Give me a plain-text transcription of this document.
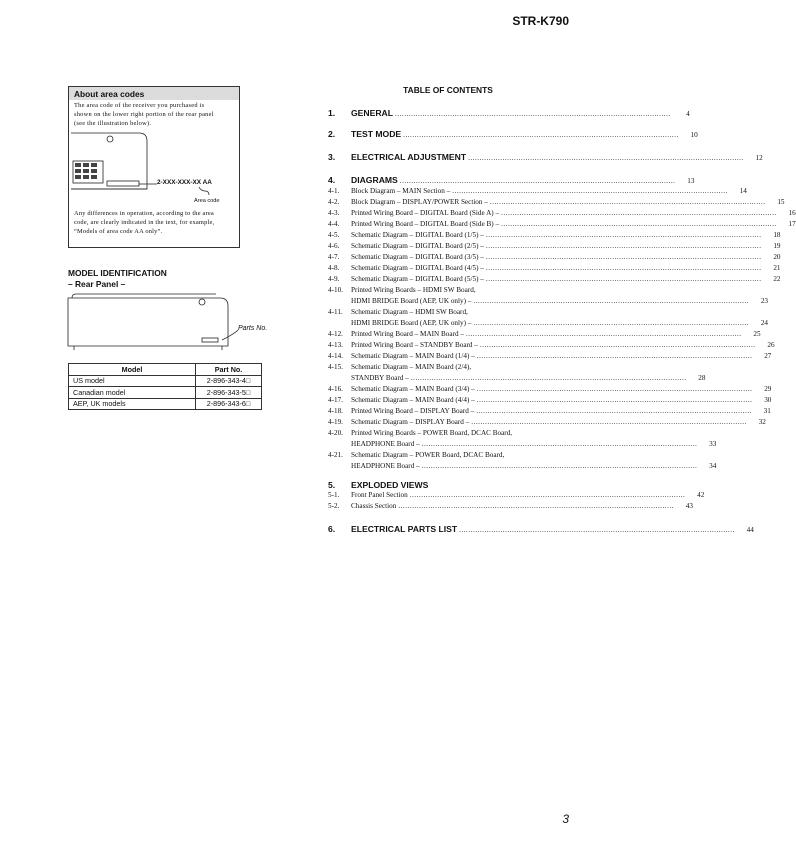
STR-K790
About area codes
The area code of the receiver you purchased is
shown on the lower right portion of the rear panel
(see the illustration below).
2-XXX-XXX-XX AA
Area code
Any differences in operation, according to the area
code, are clearly indicated in the text, for example,
“Models of area code AA only”.
MODEL IDENTIFICATION
– Rear Panel –
Parts No.
Model	Part No.
US model	2-896-343-4□
Canadian model	2-896-343-5□
AEP, UK models	2-896-343-6□
TABLE OF CONTENTS
1.	GENERAL ........................................................................................................................	4
2.	TEST MODE ........................................................................................................................	10
3.	ELECTRICAL ADJUSTMENT ........................................................................................................................	12
4.	DIAGRAMS ........................................................................................................................	13
4-1.	Block Diagram – MAIN Section – ........................................................................................................................	14
4-2.	Block Diagram – DISPLAY/POWER Section – ........................................................................................................................	15
4-3.	Printed Wiring Board – DIGITAL Board (Side A) – ........................................................................................................................	16
4-4.	Printed Wiring Board – DIGITAL Board (Side B) – ........................................................................................................................	17
4-5.	Schematic Diagram – DIGITAL Board (1/5) – ........................................................................................................................	18
4-6.	Schematic Diagram – DIGITAL Board (2/5) – ........................................................................................................................	19
4-7.	Schematic Diagram – DIGITAL Board (3/5) – ........................................................................................................................	20
4-8.	Schematic Diagram – DIGITAL Board (4/5) – ........................................................................................................................	21
4-9.	Schematic Diagram – DIGITAL Board (5/5) – ........................................................................................................................	22
4-10.	Printed Wiring Boards – HDMI SW Board,
HDMI BRIDGE Board (AEP, UK only) – ........................................................................................................................	23
4-11.	Schematic Diagram – HDMI SW Board,
HDMI BRIDGE Board (AEP, UK only) – ........................................................................................................................	24
4-12.	Printed Wiring Board – MAIN Board – ........................................................................................................................	25
4-13.	Printed Wiring Board – STANDBY Board – ........................................................................................................................	26
4-14.	Schematic Diagram – MAIN Board (1/4) – ........................................................................................................................	27
4-15.	Schematic Diagram – MAIN Board (2/4),
STANDBY Board – ........................................................................................................................	28
4-16.	Schematic Diagram – MAIN Board (3/4) – ........................................................................................................................	29
4-17.	Schematic Diagram – MAIN Board (4/4) – ........................................................................................................................	30
4-18.	Printed Wiring Board – DISPLAY Board – ........................................................................................................................	31
4-19.	Schematic Diagram – DISPLAY Board – ........................................................................................................................	32
4-20.	Printed Wiring Boards – POWER Board, DCAC Board,
HEADPHONE Board – ........................................................................................................................	33
4-21.	Schematic Diagram – POWER Board, DCAC Board,
HEADPHONE Board – ........................................................................................................................	34
5.	EXPLODED VIEWS
5-1.	Front Panel Section ........................................................................................................................	42
5-2.	Chassis Section ........................................................................................................................	43
6.	ELECTRICAL PARTS LIST ........................................................................................................................	44
3
